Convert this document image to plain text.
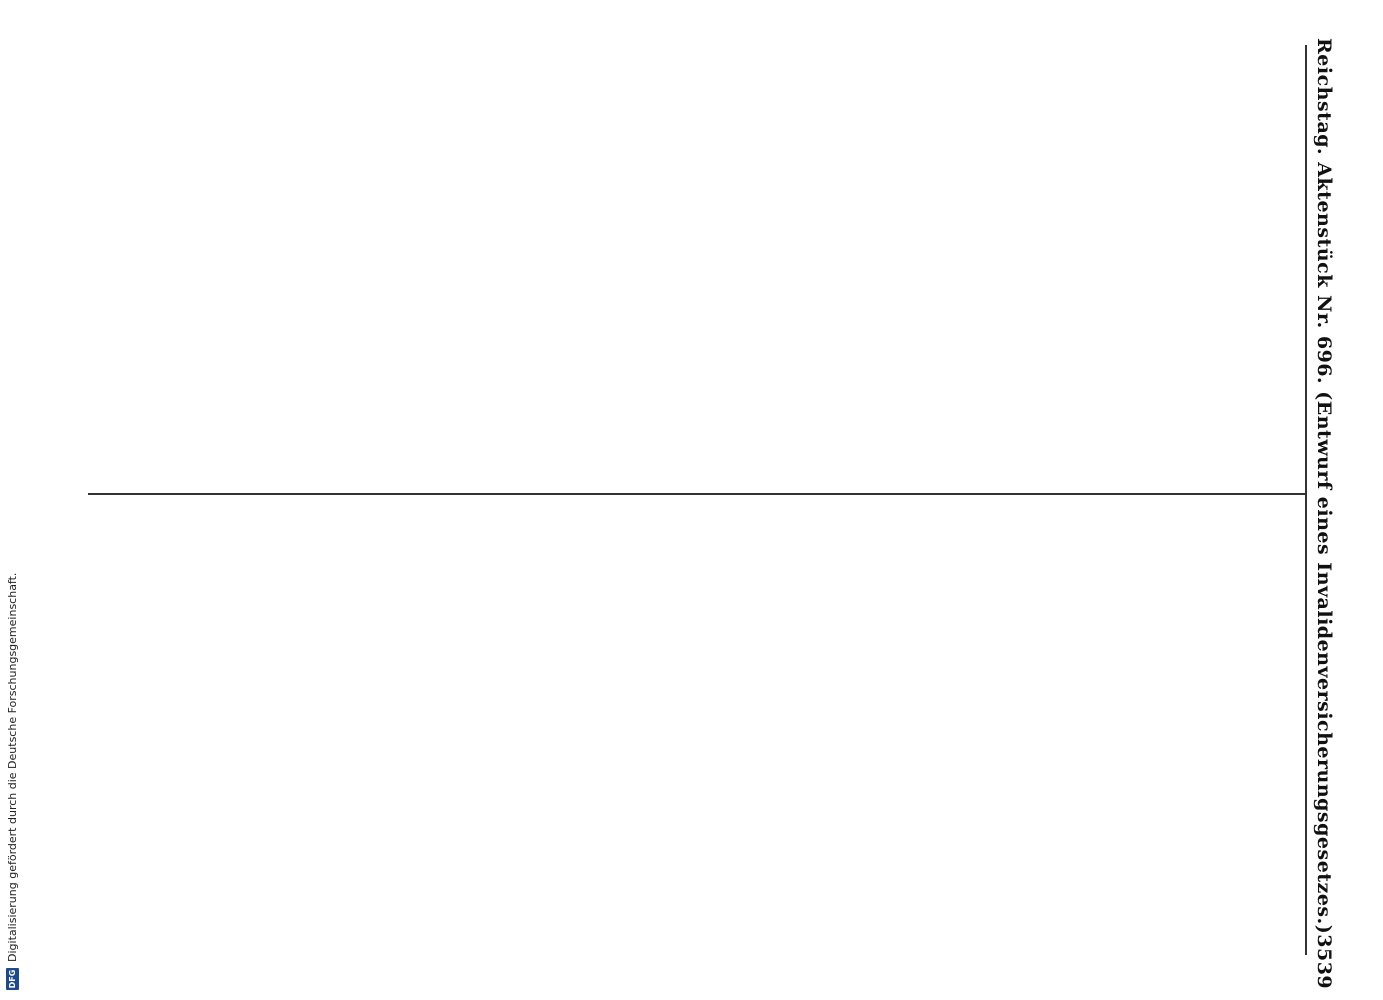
DFG
Digitalisierung gefördert durch die Deutsche Forschungsgemeinschaft.	Reichstag. Aktenstück Nr. 696. (Entwurf eines Invalidenversicherungsgesetzes.)
3539
